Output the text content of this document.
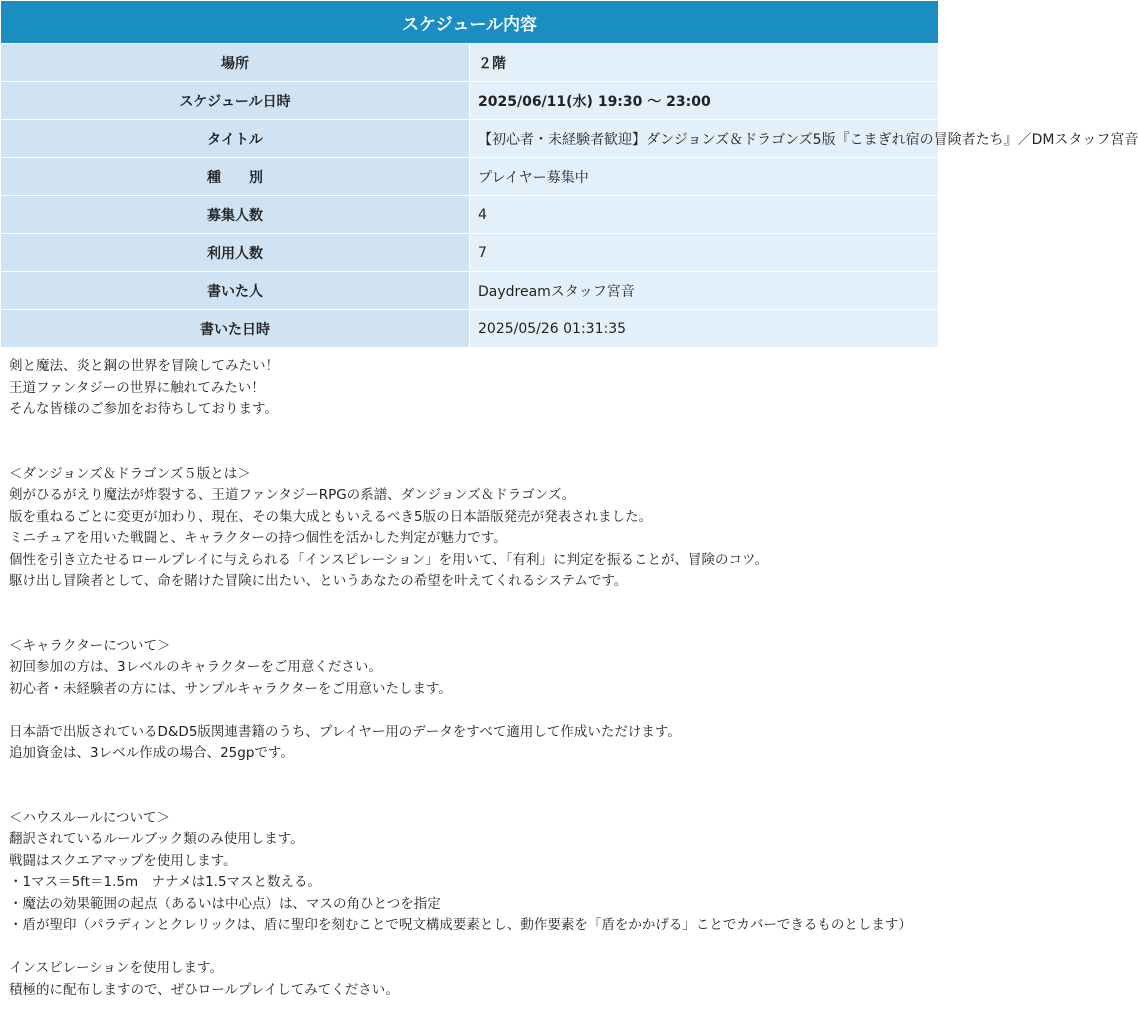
スケジュール内容	
場所	２階
スケジュール日時	2025/06/11(水) 19:30 〜 23:00
タイトル	【初心者・未経験者歓迎】ダンジョンズ＆ドラゴンズ5版『こまぎれ宿の冒険者たち』／DMスタッフ宮音
種　　別	プレイヤー募集中
募集人数	4
利用人数	7
書いた人	Daydreamスタッフ宮音
書いた日時	2025/05/26 01:31:35
剣と魔法、炎と鋼の世界を冒険してみたい！
王道ファンタジーの世界に触れてみたい！
そんな皆様のご参加をお待ちしております。

＜ダンジョンズ＆ドラゴンズ５版とは＞
剣がひるがえり魔法が炸裂する、王道ファンタジーRPGの系譜、ダンジョンズ＆ドラゴンズ。
版を重ねるごとに変更が加わり、現在、その集大成ともいえるべき5版の日本語版発売が発表されました。
ミニチュアを用いた戦闘と、キャラクターの持つ個性を活かした判定が魅力です。
個性を引き立たせるロールプレイに与えられる「インスピレーション」を用いて、「有利」に判定を振ることが、冒険のコツ。
駆け出し冒険者として、命を賭けた冒険に出たい、というあなたの希望を叶えてくれるシステムです。

＜キャラクターについて＞
初回参加の方は、3レベルのキャラクターをご用意ください。
初心者・未経験者の方には、サンプルキャラクターをご用意いたします。

日本語で出版されているD&D5版関連書籍のうち、プレイヤー用のデータをすべて適用して作成いただけます。
追加資金は、3レベル作成の場合、25gpです。

＜ハウスルールについて＞
翻訳されているルールブック類のみ使用します。
戦闘はスクエアマップを使用します。
・1マス＝5ft＝1.5m　ナナメは1.5マスと数える。
・魔法の効果範囲の起点（あるいは中心点）は、マスの角ひとつを指定
・盾が聖印（パラディンとクレリックは、盾に聖印を刻むことで呪文構成要素とし、動作要素を「盾をかかげる」ことでカバーできるものとします）

インスピレーションを使用します。
積極的に配布しますので、ぜひロールプレイしてみてください。
